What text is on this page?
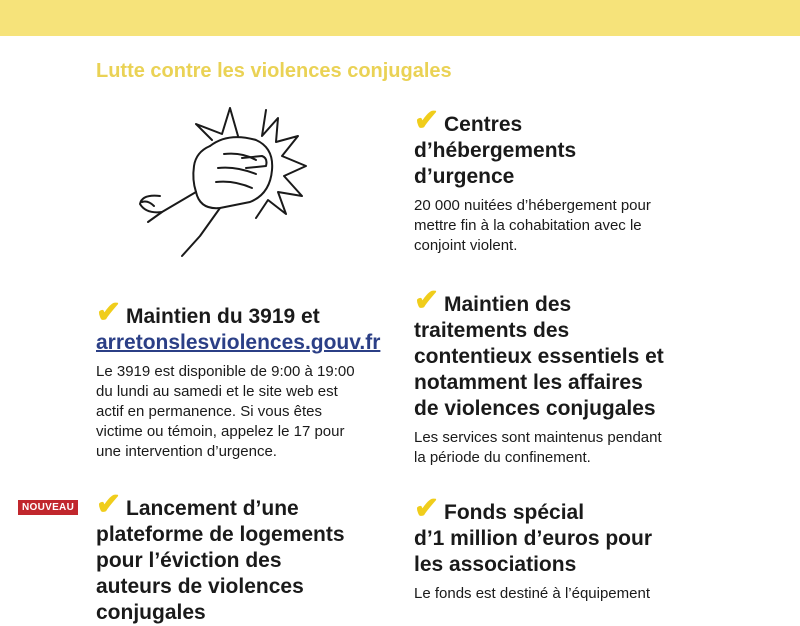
Lutte contre les violences conjugales
✔ Centres
d’hébergements
d’urgence

20 000 nuitées d’hébergement pour
mettre fin à la cohabitation avec le
conjoint violent.

✔ Maintien du 3919 et
arretonslesviolences.gouv.fr

Le 3919 est disponible de 9:00 à 19:00
du lundi au samedi et le site web est
actif en permanence. Si vous êtes
victime ou témoin, appelez le 17 pour
une intervention d’urgence.

✔ Maintien des
traitements des
contentieux essentiels et
notamment les affaires
de violences conjugales

Les services sont maintenus pendant
la période du confinement.

NOUVEAU ✔ Lancement d’une
plateforme de logements
pour l’éviction des
auteurs de violences
conjugales
✔ Fonds spécial
d’1 million d’euros pour
les associations

Le fonds est destiné à l’équipement
